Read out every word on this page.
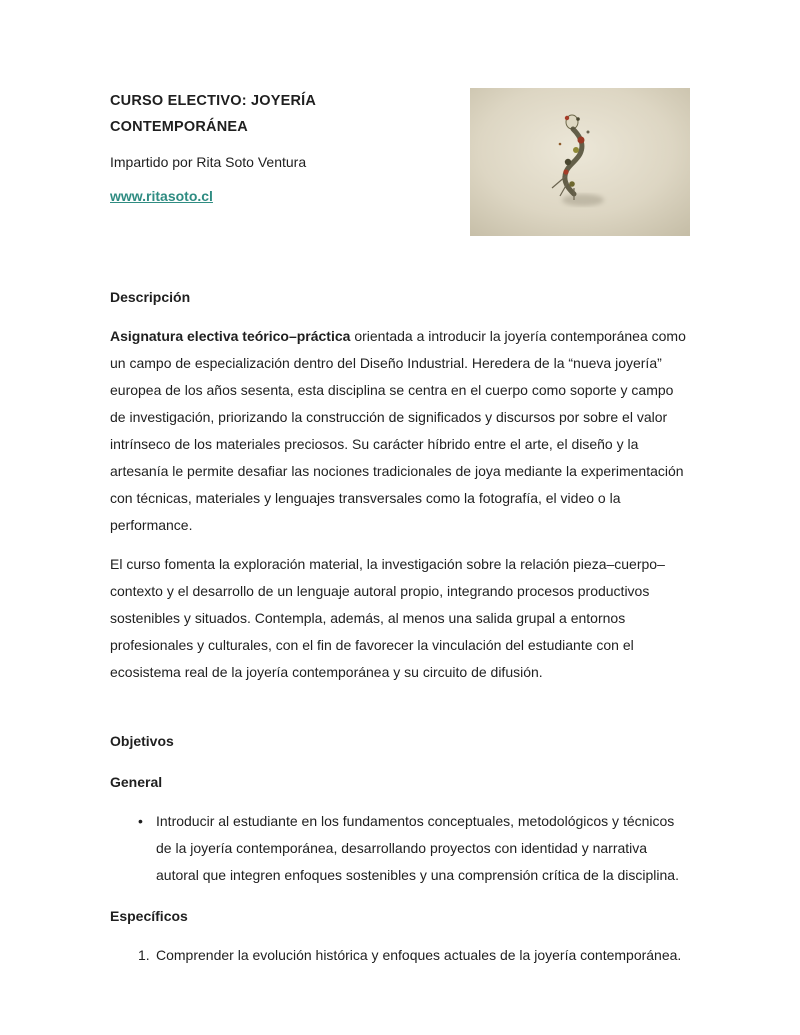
CURSO ELECTIVO: JOYERÍA
CONTEMPORÁNEA

Impartido por Rita Soto Ventura

www.ritasoto.cl

Descripción

Asignatura electiva teórico–práctica orientada a introducir la joyería contemporánea como un campo de especialización dentro del Diseño Industrial. Heredera de la “nueva joyería” europea de los años sesenta, esta disciplina se centra en el cuerpo como soporte y campo de investigación, priorizando la construcción de significados y discursos por sobre el valor intrínseco de los materiales preciosos. Su carácter híbrido entre el arte, el diseño y la artesanía le permite desafiar las nociones tradicionales de joya mediante la experimentación con técnicas, materiales y lenguajes transversales como la fotografía, el video o la performance.

El curso fomenta la exploración material, la investigación sobre la relación pieza–cuerpo–contexto y el desarrollo de un lenguaje autoral propio, integrando procesos productivos sostenibles y situados. Contempla, además, al menos una salida grupal a entornos profesionales y culturales, con el fin de favorecer la vinculación del estudiante con el ecosistema real de la joyería contemporánea y su circuito de difusión.

Objetivos
General
• Introducir al estudiante en los fundamentos conceptuales, metodológicos y técnicos de la joyería contemporánea, desarrollando proyectos con identidad y narrativa autoral que integren enfoques sostenibles y una comprensión crítica de la disciplina.
Específicos
1. Comprender la evolución histórica y enfoques actuales de la joyería contemporánea.
